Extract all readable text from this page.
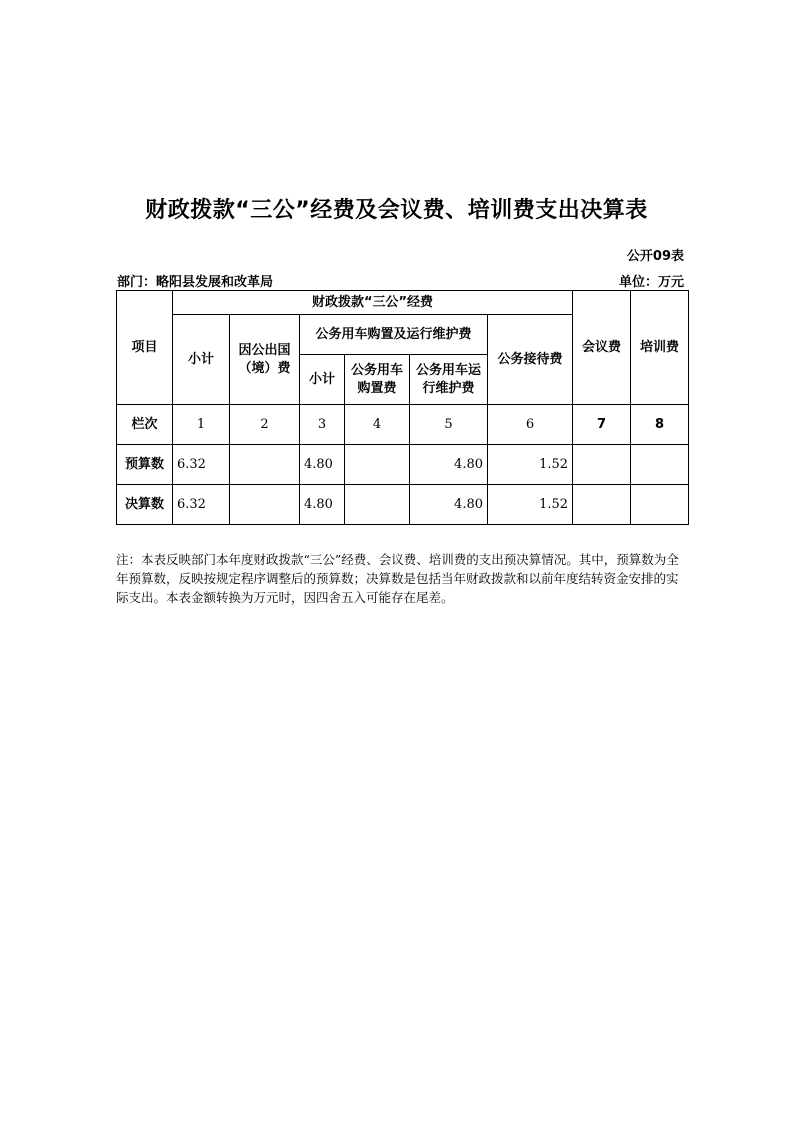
财政拨款“三公”经费及会议费、培训费支出决算表
公开09表
部门：略阳县发展和改革局	单位：万元
项目	财政拨款“三公”经费						会议费	培训费
	小计	因公出国（境）费	公务用车购置及运行维护费			公务接待费		
			小计	公务用车购置费	公务用车运行维护费			
栏次	1	2	3	4	5	6	7	8
预算数	6.32		4.80		4.80	1.52		
决算数	6.32		4.80		4.80	1.52		
注：本表反映部门本年度财政拨款“三公”经费、会议费、培训费的支出预决算情况。其中，预算数为全年预算数，反映按规定程序调整后的预算数；决算数是包括当年财政拨款和以前年度结转资金安排的实际支出。本表金额转换为万元时，因四舍五入可能存在尾差。
